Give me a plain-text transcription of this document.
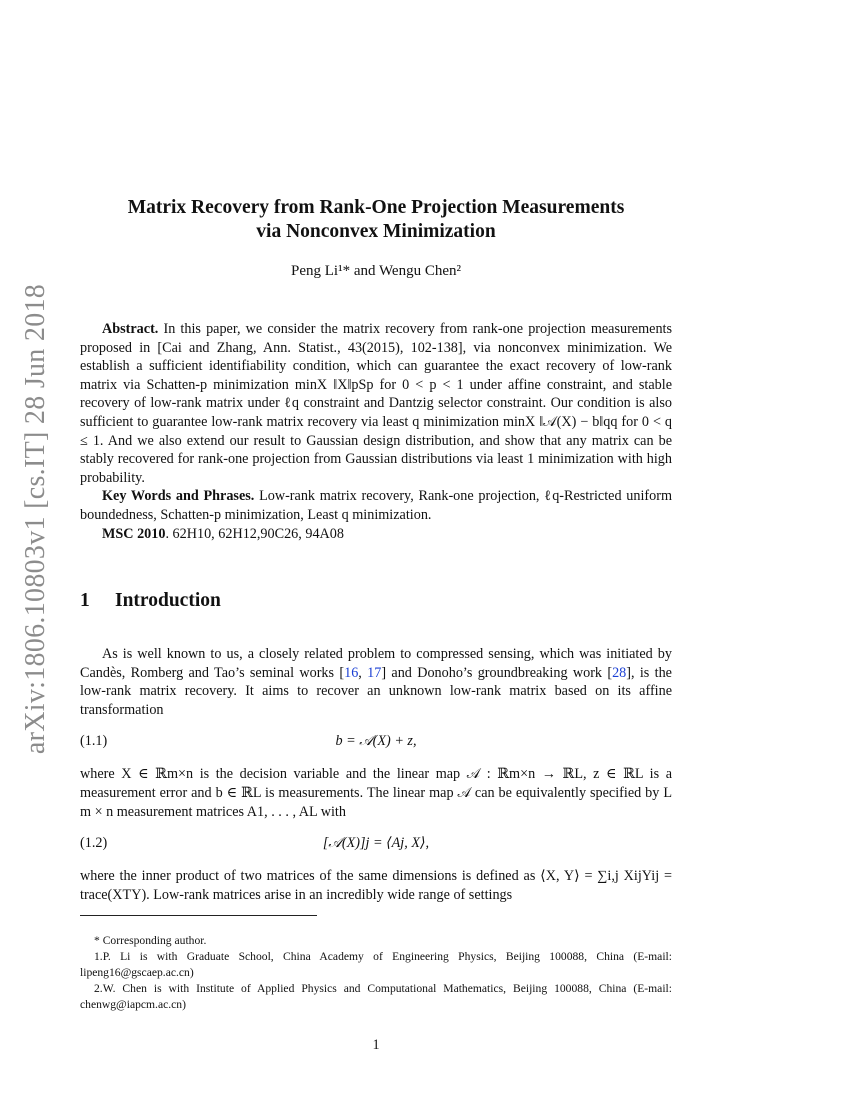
arXiv:1806.10803v1 [cs.IT] 28 Jun 2018
Matrix Recovery from Rank-One Projection Measurements
via Nonconvex Minimization
Peng Li¹* and Wengu Chen²

Abstract. In this paper, we consider the matrix recovery from rank-one projection measurements proposed in [Cai and Zhang, Ann. Statist., 43(2015), 102-138], via nonconvex minimization. We establish a sufficient identifiability condition, which can guarantee the exact recovery of low-rank matrix via Schatten-p minimization minX ‖X‖pSp for 0 < p < 1 under affine constraint, and stable recovery of low-rank matrix under ℓq constraint and Dantzig selector constraint. Our condition is also sufficient to guarantee low-rank matrix recovery via least q minimization minX ‖𝒜(X) − b‖qq for 0 < q ≤ 1. And we also extend our result to Gaussian design distribution, and show that any matrix can be stably recovered for rank-one projection from Gaussian distributions via least 1 minimization with high probability.

Key Words and Phrases. Low-rank matrix recovery, Rank-one projection, ℓq-Restricted uniform boundedness, Schatten-p minimization, Least q minimization.

MSC 2010. 62H10, 62H12,90C26, 94A08

1 Introduction

As is well known to us, a closely related problem to compressed sensing, which was initiated by Candès, Romberg and Tao’s seminal works [16, 17] and Donoho’s groundbreaking work [28], is the low-rank matrix recovery. It aims to recover an unknown low-rank matrix based on its affine transformation

(1.1)	b = 𝒜(X) + z,

where X ∈ ℝm×n is the decision variable and the linear map 𝒜 : ℝm×n → ℝL, z ∈ ℝL is a measurement error and b ∈ ℝL is measurements. The linear map 𝒜 can be equivalently specified by L m × n measurement matrices A1, . . . , AL with

(1.2)	[𝒜(X)]j = ⟨Aj, X⟩,

where the inner product of two matrices of the same dimensions is defined as ⟨X, Y⟩ = ∑i,j XijYij = trace(XTY). Low-rank matrices arise in an incredibly wide range of settings

* Corresponding author.

1.P. Li is with Graduate School, China Academy of Engineering Physics, Beijing 100088, China (E-mail: lipeng16@gscaep.ac.cn)

2.W. Chen is with Institute of Applied Physics and Computational Mathematics, Beijing 100088, China (E-mail: chenwg@iapcm.ac.cn)

1
